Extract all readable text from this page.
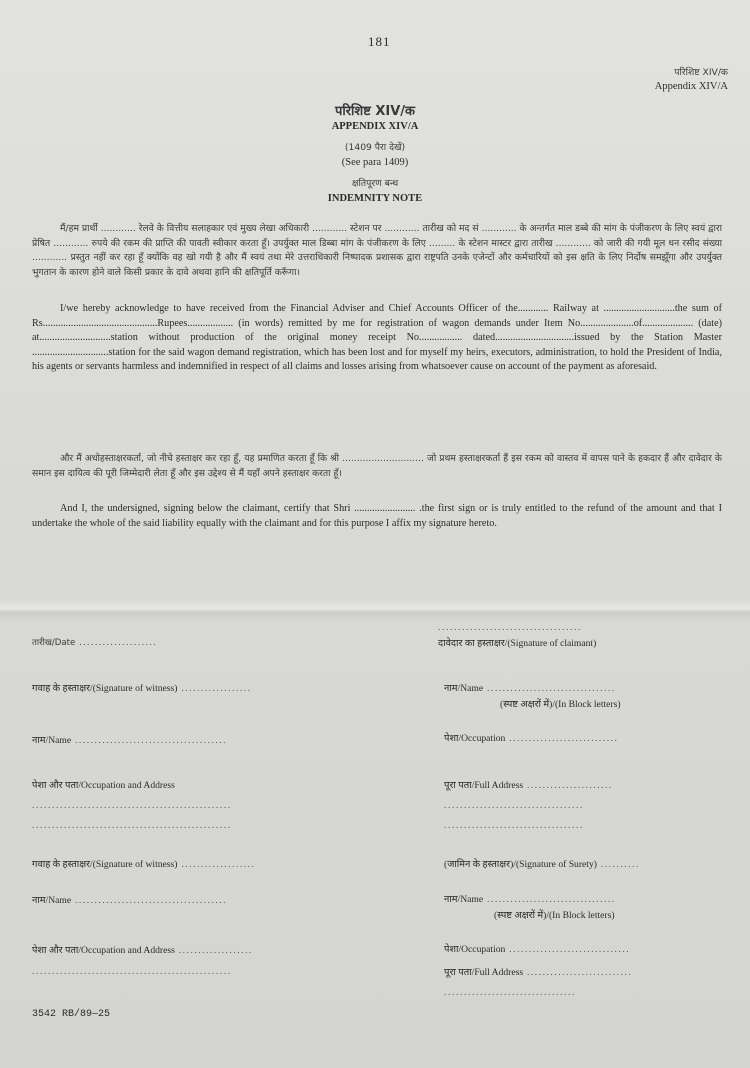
181
परिशिष्ट XIV/क
Appendix XIV/A
परिशिष्ट XIV/क
APPENDIX XIV/A
(1409 पैरा देखें)
(See para 1409)
क्षतिपूरण बन्ध
INDEMNITY NOTE

मैं/हम प्रार्थी ............ रेलवे के वित्तीय सलाहकार एवं मुख्य लेखा अधिकारी ............ स्टेशन पर ............ तारीख को मद सं ............ के अन्तर्गत माल डब्बे की मांग के पंजीकरण के लिए स्वयं द्वारा प्रेषित ............ रुपये की रकम की प्राप्ति की पावती स्वीकार करता हूँ। उपर्युक्त माल डिब्बा मांग के पंजीकरण के लिए ......... के स्टेशन मास्टर द्वारा तारीख ............ को जारी की गयी मूल धन रसीद संख्या ............ प्रस्तुत नहीं कर रहा हूँ क्योंकि वह खो गयी है और मैं स्वयं तथा मेरे उत्तराधिकारी निष्पादक प्रशासक द्वारा राष्ट्रपति उनके एजेन्टों और कर्मचारियों को इस क्षति के लिए निर्दोष समझूँगा और उपर्युक्त भुगतान के कारण होने वाले किसी प्रकार के दावे अथवा हानि की क्षतिपूर्ति करूँगा।

I/we hereby acknowledge to have received from the Financial Adviser and Chief Accounts Officer of the............ Railway at ............................the sum of Rs.............................................Rupees.................. (in words) remitted by me for registration of wagon demands under Item No.....................of.................... (date) at............................station without production of the original money receipt No................. dated...............................issued by the Station Master ..............................station for the said wagon demand registration, which has been lost and for myself my heirs, executors, administration, to hold the President of India, his agents or servants harmless and indemnified in respect of all claims and losses arising from whatsoever cause on account of the payment as aforesaid.

और मैं अधोहस्ताक्षरकर्ता, जो नीचे हस्ताक्षर कर रहा हूँ, यह प्रमाणित करता हूँ कि श्री ............................ जो प्रथम हस्ताक्षरकर्ता हैं इस रकम को वास्तव में वापस पाने के हकदार हैं और दावेदार के समान इस दायित्व की पूरी जिम्मेदारी लेता हूँ और इस उद्देश्य से मैं यहाँ अपने हस्ताक्षर करता हूँ।

And I, the undersigned, signing below the claimant, certify that Shri ........................ .the first sign or is truly entitled to the refund of the amount and that I undertake the whole of the said liability equally with the claimant and for this purpose I affix my signature hereto.

....................................
तारीख/Date ....................	दावेदार का हस्ताक्षर/(Signature of claimant)
गवाह के हस्ताक्षर/(Signature of witness) ..................	नाम/Name .................................
(स्पष्ट अक्षरों में)/(In Block letters)
नाम/Name .......................................	पेशा/Occupation ............................
पेशा और पता/Occupation and Address
..................................................
..................................................
पूरा पता/Full Address ......................
...................................
...................................
गवाह के हस्ताक्षर/(Signature of witness) ...................	(जामिन के हस्ताक्षर)/(Signature of Surety) ..........
नाम/Name .......................................	नाम/Name .................................
(स्पष्ट अक्षरों में)/(In Block letters)
पेशा और पता/Occupation and Address ...................
..................................................
पेशा/Occupation ...............................
पूरा पता/Full Address ...........................
.................................
3542 RB/89—25
